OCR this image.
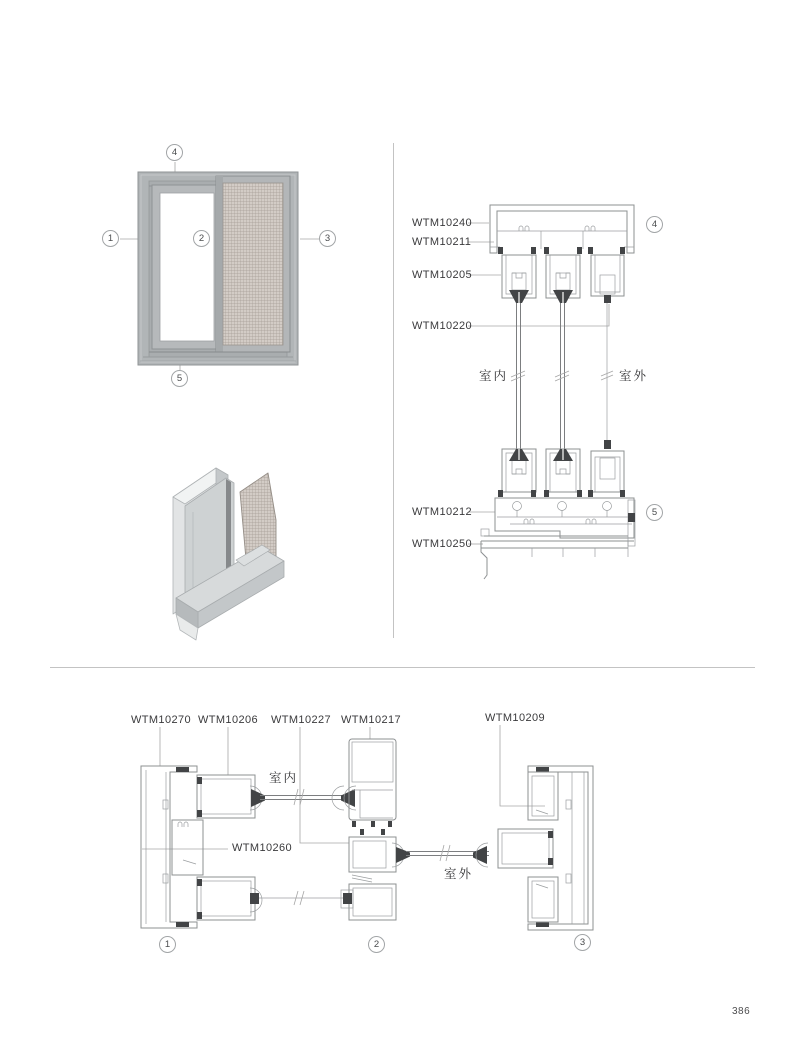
4
1	2	3
5
WTM10240
WTM10211
WTM10205
WTM10220
WTM10212
WTM10250
室内	室外
4
5
WTM10270 WTM10206 WTM10227 WTM10217	WTM10209
WTM10260
室内
室外
1	2	3
386
